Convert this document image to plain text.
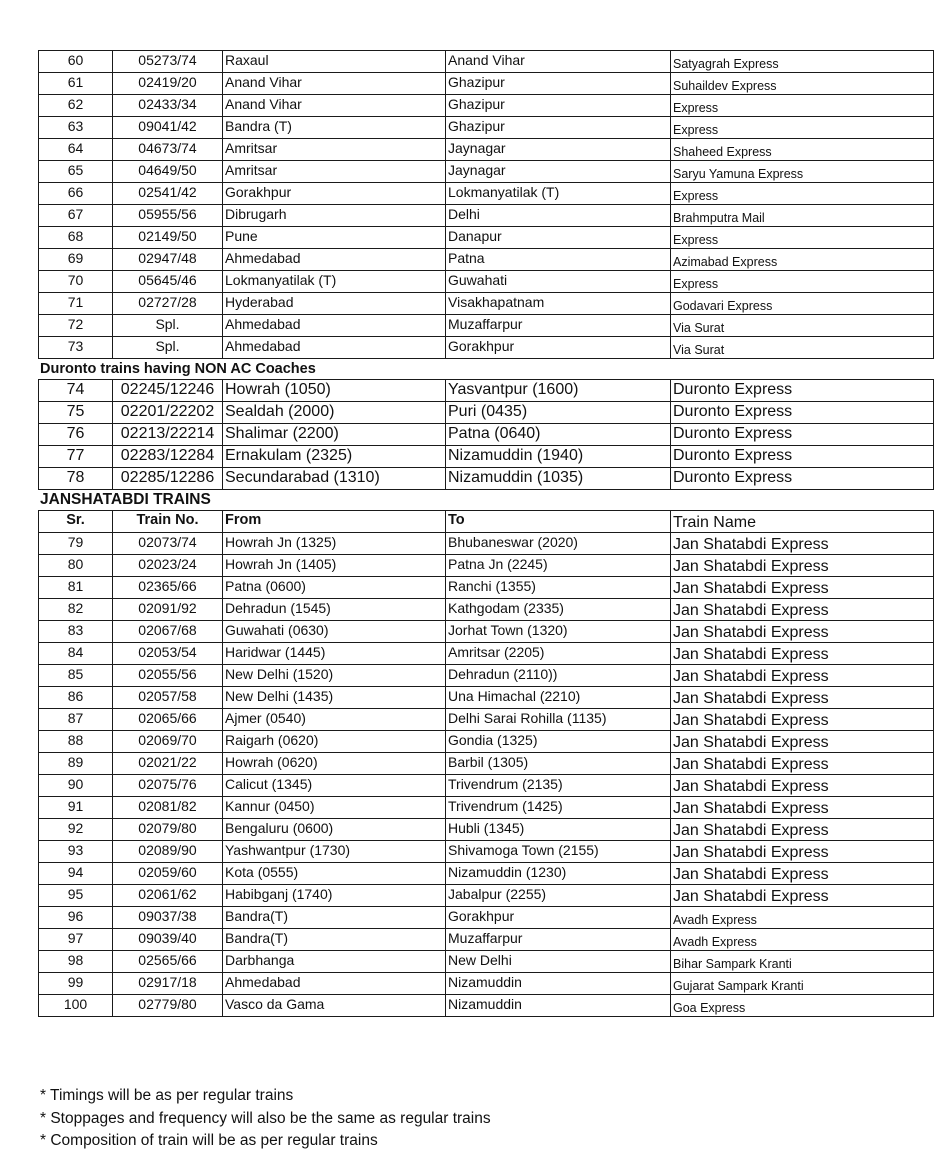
60	05273/74	Raxaul	Anand Vihar	Satyagrah Express
61	02419/20	Anand Vihar	Ghazipur	Suhaildev Express
62	02433/34	Anand Vihar	Ghazipur	Express
63	09041/42	Bandra (T)	Ghazipur	Express
64	04673/74	Amritsar	Jaynagar	Shaheed Express
65	04649/50	Amritsar	Jaynagar	Saryu Yamuna Express
66	02541/42	Gorakhpur	Lokmanyatilak (T)	Express
67	05955/56	Dibrugarh	Delhi	Brahmputra Mail
68	02149/50	Pune	Danapur	Express
69	02947/48	Ahmedabad	Patna	Azimabad Express
70	05645/46	Lokmanyatilak (T)	Guwahati	Express
71	02727/28	Hyderabad	Visakhapatnam	Godavari Express
72	Spl.	Ahmedabad	Muzaffarpur	Via Surat
73	Spl.	Ahmedabad	Gorakhpur	Via Surat
Duronto trains having NON AC Coaches
74	02245/12246	Howrah (1050)	Yasvantpur (1600)	Duronto Express
75	02201/22202	Sealdah (2000)	Puri (0435)	Duronto Express
76	02213/22214	Shalimar (2200)	Patna (0640)	Duronto Express
77	02283/12284	Ernakulam (2325)	Nizamuddin (1940)	Duronto Express
78	02285/12286	Secundarabad (1310)	Nizamuddin (1035)	Duronto Express
JANSHATABDI TRAINS
Sr.	Train No.	From	To	Train Name
79	02073/74	Howrah Jn (1325)	Bhubaneswar (2020)	Jan Shatabdi Express
80	02023/24	Howrah Jn (1405)	Patna Jn (2245)	Jan Shatabdi Express
81	02365/66	Patna (0600)	Ranchi (1355)	Jan Shatabdi Express
82	02091/92	Dehradun (1545)	Kathgodam (2335)	Jan Shatabdi Express
83	02067/68	Guwahati (0630)	Jorhat Town (1320)	Jan Shatabdi Express
84	02053/54	Haridwar (1445)	Amritsar (2205)	Jan Shatabdi Express
85	02055/56	New Delhi (1520)	Dehradun (2110))	Jan Shatabdi Express
86	02057/58	New Delhi (1435)	Una Himachal (2210)	Jan Shatabdi Express
87	02065/66	Ajmer (0540)	Delhi Sarai Rohilla (1135)	Jan Shatabdi Express
88	02069/70	Raigarh (0620)	Gondia (1325)	Jan Shatabdi Express
89	02021/22	Howrah (0620)	Barbil (1305)	Jan Shatabdi Express
90	02075/76	Calicut (1345)	Trivendrum (2135)	Jan Shatabdi Express
91	02081/82	Kannur (0450)	Trivendrum (1425)	Jan Shatabdi Express
92	02079/80	Bengaluru (0600)	Hubli (1345)	Jan Shatabdi Express
93	02089/90	Yashwantpur (1730)	Shivamoga Town (2155)	Jan Shatabdi Express
94	02059/60	Kota (0555)	Nizamuddin (1230)	Jan Shatabdi Express
95	02061/62	Habibganj (1740)	Jabalpur (2255)	Jan Shatabdi Express
96	09037/38	Bandra(T)	Gorakhpur	Avadh Express
97	09039/40	Bandra(T)	Muzaffarpur	Avadh Express
98	02565/66	Darbhanga	New Delhi	Bihar Sampark Kranti
99	02917/18	Ahmedabad	Nizamuddin	Gujarat Sampark Kranti
100	02779/80	Vasco da Gama	Nizamuddin	Goa Express
* Timings will be as per regular trains
* Stoppages and frequency will also be the same as regular trains
* Composition of train will be as per regular trains
